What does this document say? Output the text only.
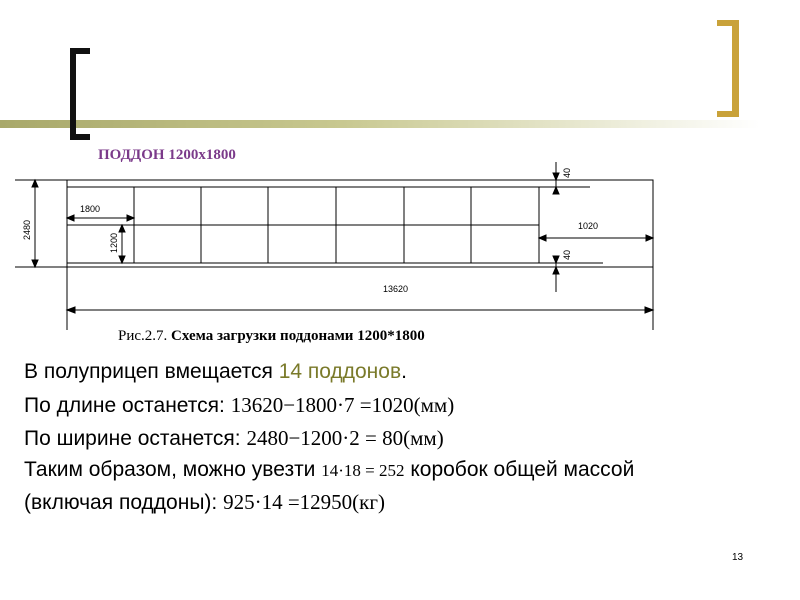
ПОДДОН 1200х1800
2480
1800
1200
40
40
1020
13620
Рис.2.7. Схема загрузки поддонами 1200*1800
В полуприцеп вмещается 14 поддонов.
По длине останется: 13620−1800·7 =1020(мм)
По ширине останется: 2480−1200·2 = 80(мм)
Таким образом, можно увезти 14·18 = 252 коробок общей массой
(включая поддоны): 925·14 =12950(кг)
13
